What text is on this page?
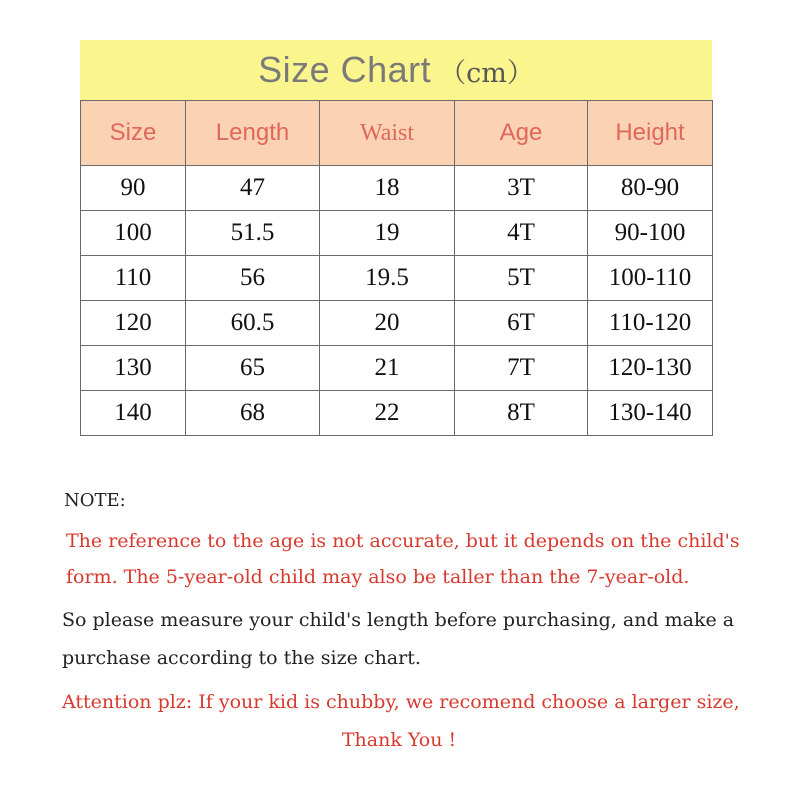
Size Chart （cm）
Size	Length	Waist	Age	Height
90	47	18	3T	80-90
100	51.5	19	4T	90-100
110	56	19.5	5T	100-110
120	60.5	20	6T	110-120
130	65	21	7T	120-130
140	68	22	8T	130-140

NOTE:

The reference to the age is not accurate, but it depends on the child's form. The 5-year-old child may also be taller than the 7-year-old.

So please measure your child's length before purchasing, and make a purchase according to the size chart.

Attention plz: If your kid is chubby, we recomend choose a larger size,

Thank You !
